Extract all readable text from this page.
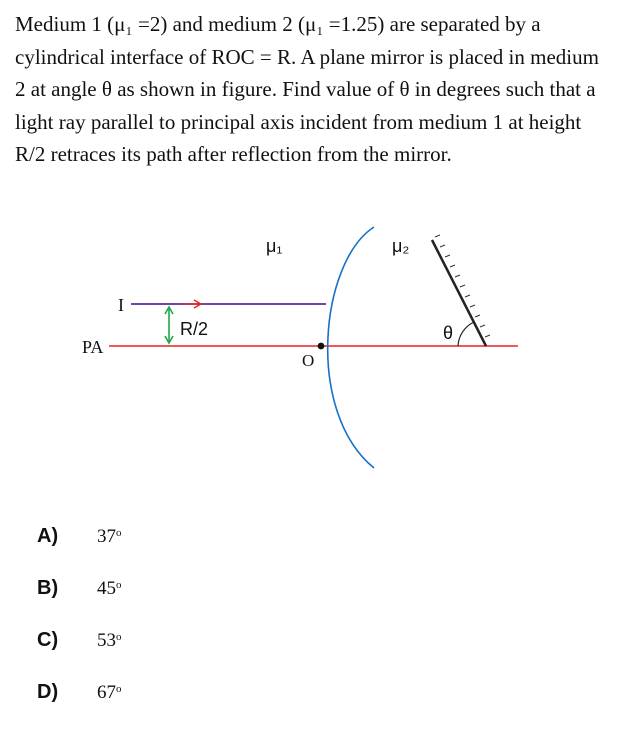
Medium 1 (μ₁ =2) and medium 2 (μ₁ =1.25) are separated by a cylindrical interface of ROC = R. A plane mirror is placed in medium 2 at angle θ as shown in figure. Find value of θ in degrees such that a light ray parallel to principal axis incident from medium 1 at height R/2 retraces its path after reflection from the mirror.
μ₁	μ₂
I
R/2
PA
O
θ
A) 37$^o$
B) 45$^o$
C) 53$^o$
D) 67$^o$
